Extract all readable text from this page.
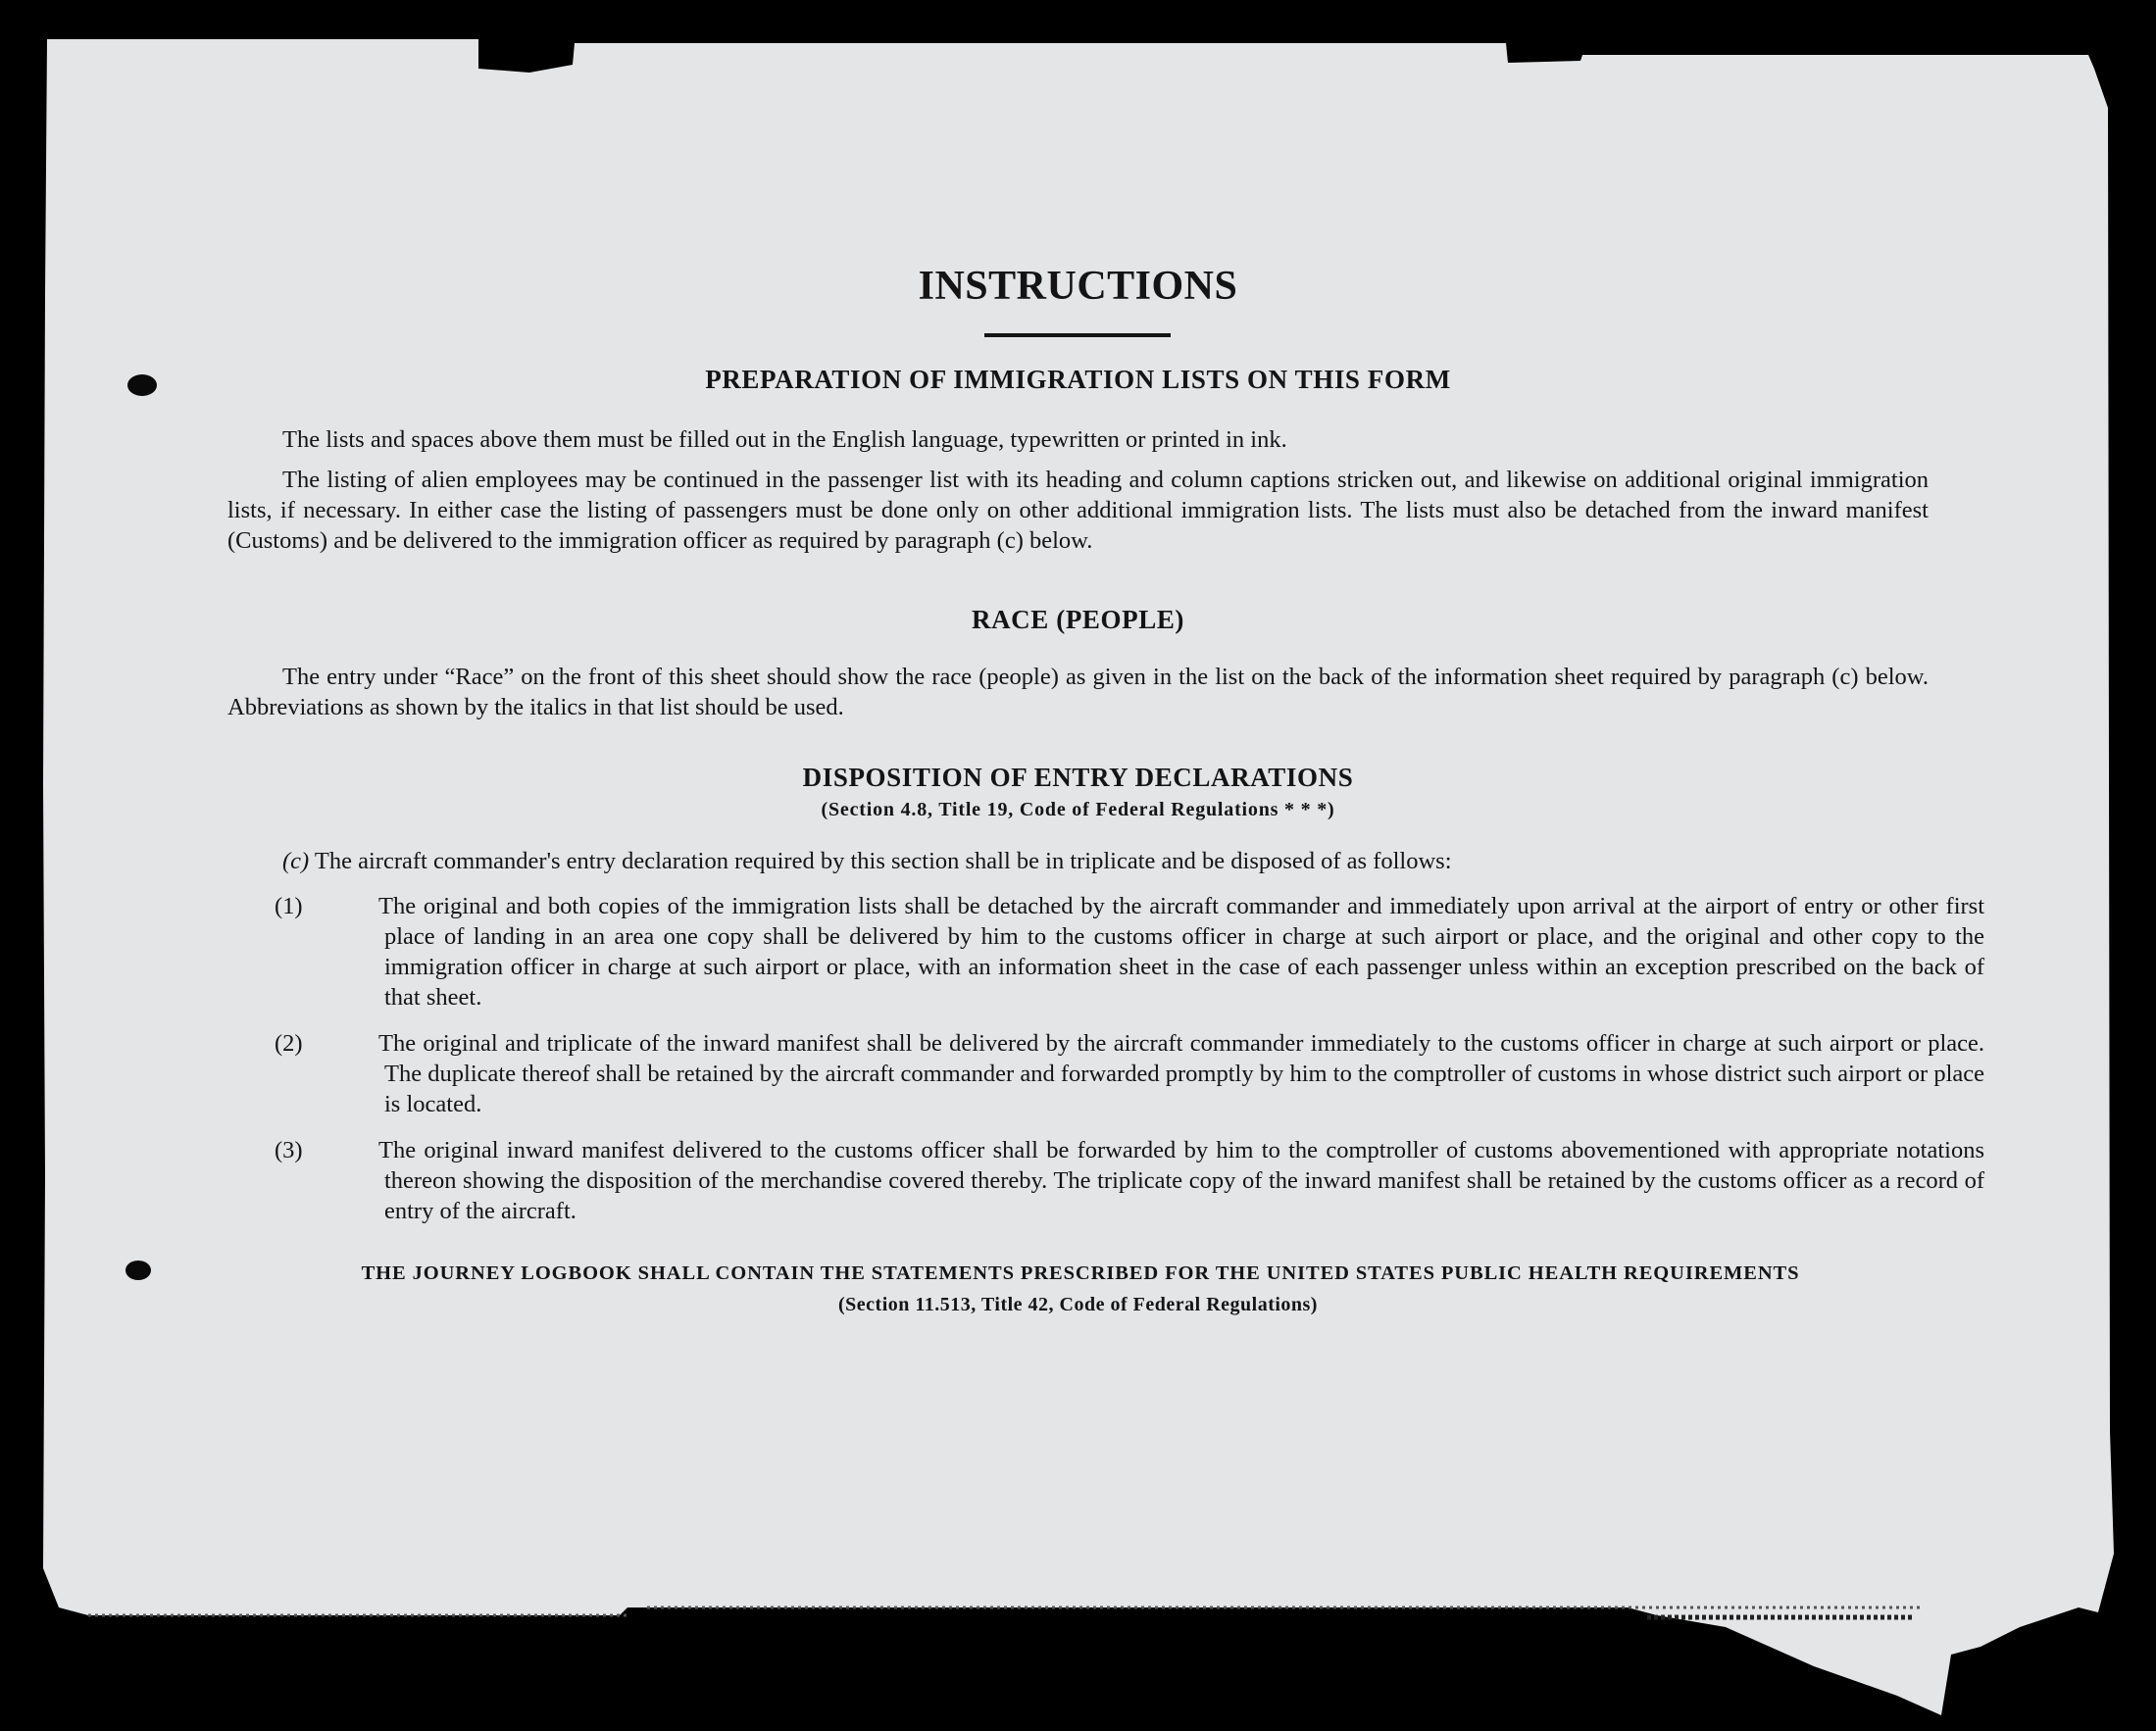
INSTRUCTIONS
PREPARATION OF IMMIGRATION LISTS ON THIS FORM
The lists and spaces above them must be filled out in the English language, typewritten or printed in ink.
The listing of alien employees may be continued in the passenger list with its heading and column captions stricken out, and likewise on additional original immigration lists, if necessary. In either case the listing of passengers must be done only on other additional immigration lists. The lists must also be detached from the inward manifest (Customs) and be delivered to the immigration officer as required by paragraph (c) below.
RACE (PEOPLE)
The entry under “Race” on the front of this sheet should show the race (people) as given in the list on the back of the information sheet required by paragraph (c) below. Abbreviations as shown by the italics in that list should be used.
DISPOSITION OF ENTRY DECLARATIONS
(Section 4.8, Title 19, Code of Federal Regulations * * *)
(c) The aircraft commander's entry declaration required by this section shall be in triplicate and be disposed of as follows:
(1)	The original and both copies of the immigration lists shall be detached by the aircraft commander and immediately upon arrival at the airport of entry or other first place of landing in an area one copy shall be delivered by him to the customs officer in charge at such airport or place, and the original and other copy to the immigration officer in charge at such airport or place, with an information sheet in the case of each passenger unless within an exception prescribed on the back of that sheet.
(2)	The original and triplicate of the inward manifest shall be delivered by the aircraft commander immediately to the customs officer in charge at such airport or place. The duplicate thereof shall be retained by the aircraft commander and forwarded promptly by him to the comptroller of customs in whose district such airport or place is located.
(3)	The original inward manifest delivered to the customs officer shall be forwarded by him to the comptroller of customs abovementioned with appropriate notations thereon showing the disposition of the merchandise covered thereby. The triplicate copy of the inward manifest shall be retained by the customs officer as a record of entry of the aircraft.
THE JOURNEY LOGBOOK SHALL CONTAIN THE STATEMENTS PRESCRIBED FOR THE UNITED STATES PUBLIC HEALTH REQUIREMENTS
(Section 11.513, Title 42, Code of Federal Regulations)
